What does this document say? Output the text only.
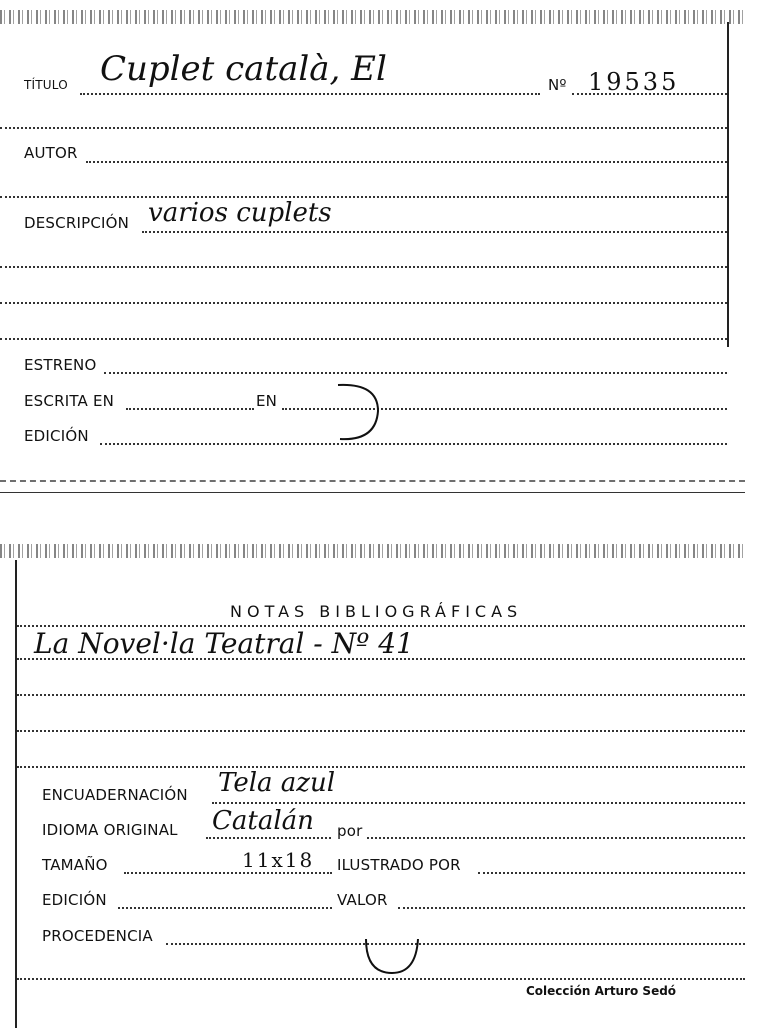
TÍTULO Cuplet català, El	Nº 19535
AUTOR
DESCRIPCIÓN varios cuplets
ESTRENO
ESCRITA EN	EN
EDICIÓN
NOTAS BIBLIOGRÁFICAS
La Novel·la Teatral - Nº 41
ENCUADERNACIÓN Tela azul
IDIOMA ORIGINAL Catalán por
TAMAÑO	11x18 ILUSTRADO POR
EDICIÓN	VALOR
PROCEDENCIA
Colección Arturo Sedó
